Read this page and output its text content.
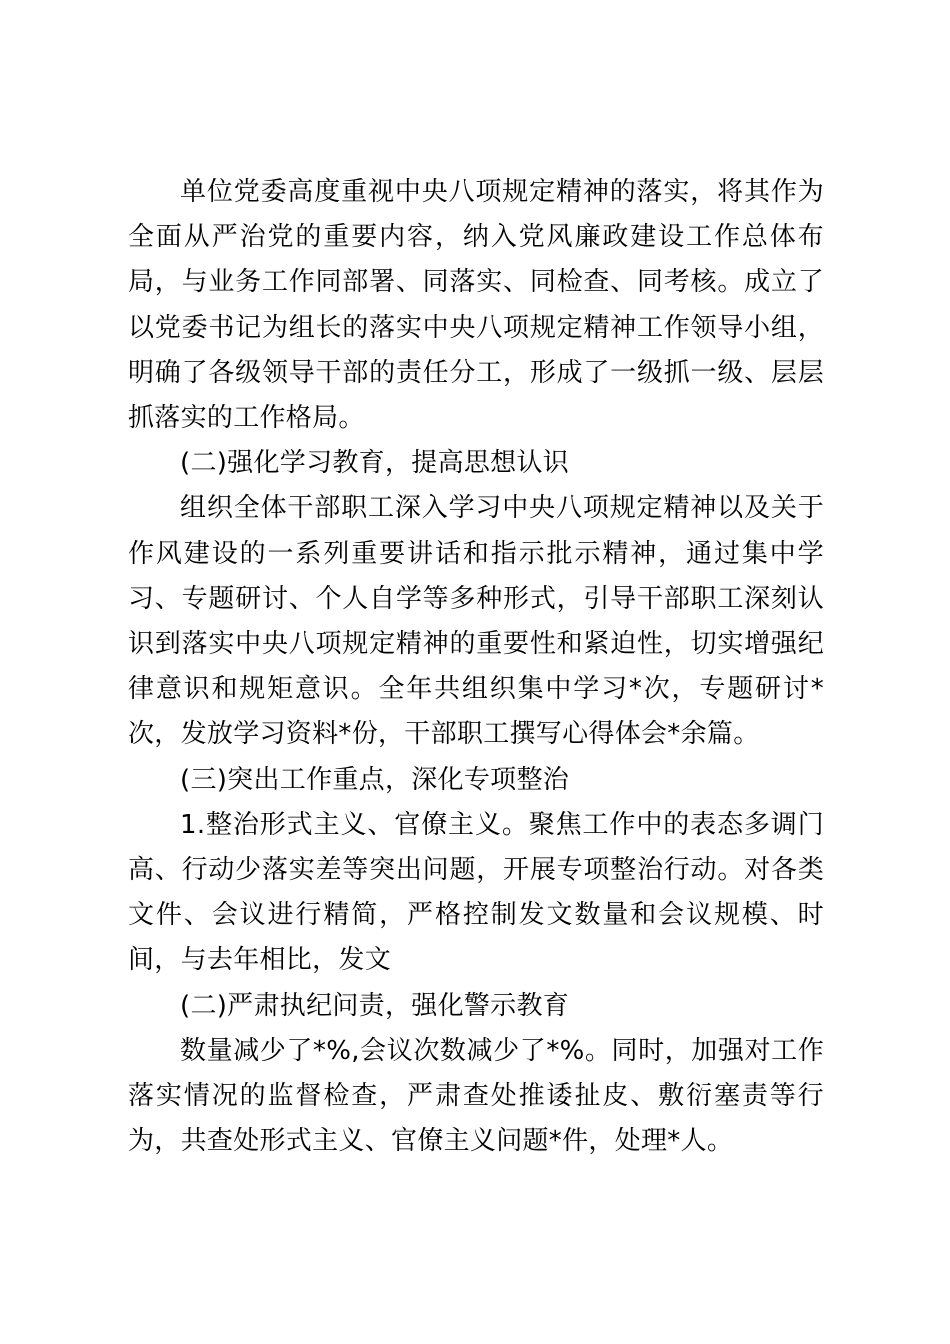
单位党委高度重视中央八项规定精神的落实，将其作为全面从严治党的重要内容，纳入党风廉政建设工作总体布局，与业务工作同部署、同落实、同检查、同考核。成立了以党委书记为组长的落实中央八项规定精神工作领导小组，明确了各级领导干部的责任分工，形成了一级抓一级、层层抓落实的工作格局。

(二)强化学习教育，提高思想认识

组织全体干部职工深入学习中央八项规定精神以及关于作风建设的一系列重要讲话和指示批示精神，通过集中学习、专题研讨、个人自学等多种形式，引导干部职工深刻认识到落实中央八项规定精神的重要性和紧迫性，切实增强纪律意识和规矩意识。全年共组织集中学习*次，专题研讨*次，发放学习资料*份，干部职工撰写心得体会*余篇。

(三)突出工作重点，深化专项整治

1.整治形式主义、官僚主义。聚焦工作中的表态多调门高、行动少落实差等突出问题，开展专项整治行动。对各类文件、会议进行精简，严格控制发文数量和会议规模、时间，与去年相比，发文

(二)严肃执纪问责，强化警示教育

数量减少了*%,会议次数减少了*%。同时，加强对工作落实情况的监督检查，严肃查处推诿扯皮、敷衍塞责等行为，共查处形式主义、官僚主义问题*件，处理*人。
